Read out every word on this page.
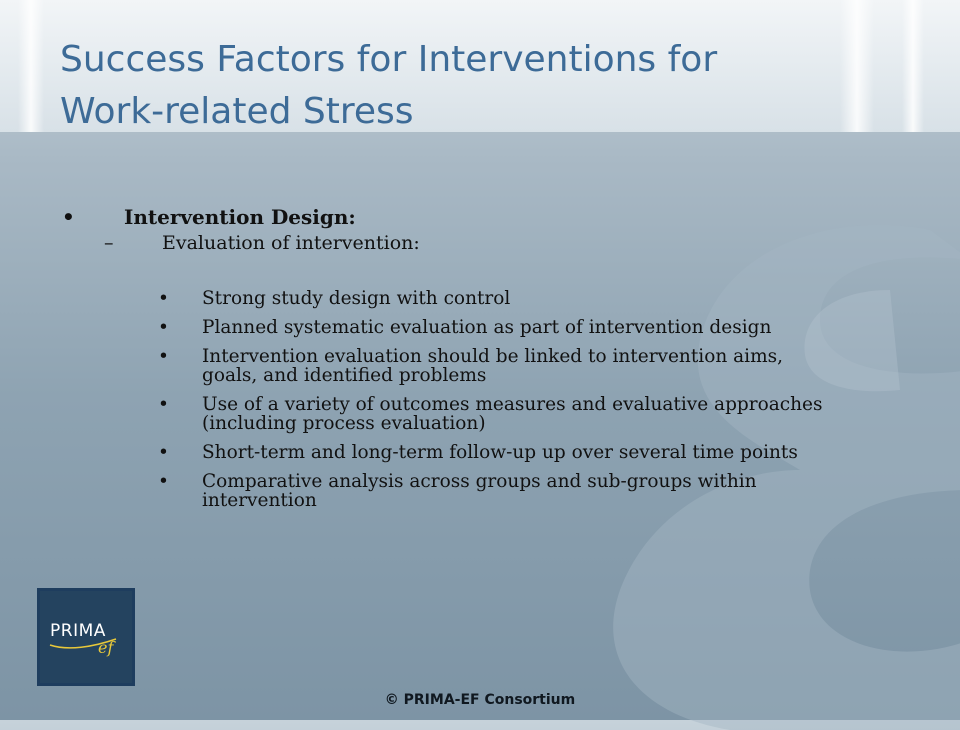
Success Factors for Interventions for
Work-related Stress
• Intervention Design:
–	Evaluation of intervention:
• Strong study design with control
• Planned systematic evaluation as part of intervention design
• Intervention evaluation should be linked to intervention aims,
goals, and identified problems
• Use of a variety of outcomes measures and evaluative approaches
(including process evaluation)
• Short-term and long-term follow-up up over several time points
• Comparative analysis across groups and sub-groups within
intervention
PRIMA
ef
© PRIMA-EF Consortium
